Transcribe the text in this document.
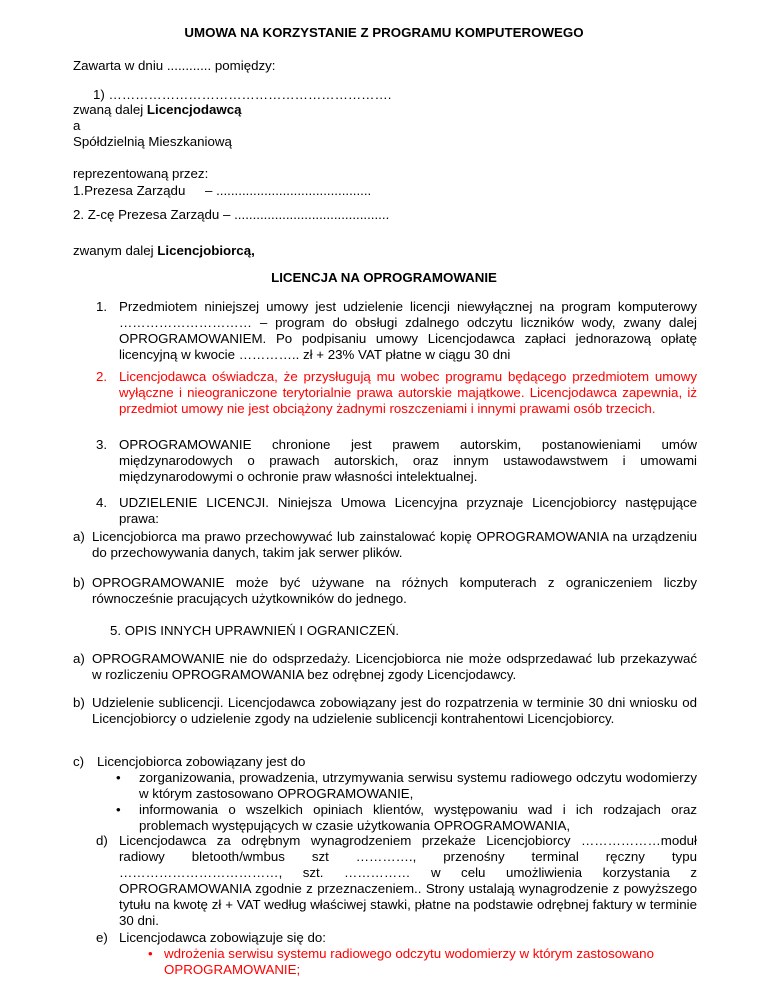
UMOWA NA KORZYSTANIE Z PROGRAMU KOMPUTEROWEGO
Zawarta w dniu ............ pomiędzy:
1) ……………………………………………………….
zwaną dalej Licencjodawcą
a
Spółdzielnią Mieszkaniową
reprezentowaną przez:
1.Prezesa Zarządu – ..........................................
2. Z-cę Prezesa Zarządu – ..........................................
zwanym dalej Licencjobiorcą,
LICENCJA NA OPROGRAMOWANIE
1. Przedmiotem niniejszej umowy jest udzielenie licencji niewyłącznej na program komputerowy ………………………… – program do obsługi zdalnego odczytu liczników wody, zwany dalej OPROGRAMOWANIEM. Po podpisaniu umowy Licencjodawca zapłaci jednorazową opłatę licencyjną w kwocie ………….. zł + 23% VAT płatne w ciągu 30 dni
2. Licencjodawca oświadcza, że przysługują mu wobec programu będącego przedmiotem umowy wyłączne i nieograniczone terytorialnie prawa autorskie majątkowe. Licencjodawca zapewnia, iż przedmiot umowy nie jest obciążony żadnymi roszczeniami i innymi prawami osób trzecich.
3. OPROGRAMOWANIE chronione jest prawem autorskim, postanowieniami umów międzynarodowych o prawach autorskich, oraz innym ustawodawstwem i umowami międzynarodowymi o ochronie praw własności intelektualnej.
4. UDZIELENIE LICENCJI. Niniejsza Umowa Licencyjna przyznaje Licencjobiorcy następujące prawa:
a) Licencjobiorca ma prawo przechowywać lub zainstalować kopię OPROGRAMOWANIA na urządzeniu do przechowywania danych, takim jak serwer plików.
b) OPROGRAMOWANIE może być używane na różnych komputerach z ograniczeniem liczby równocześnie pracujących użytkowników do jednego.
5. OPIS INNYCH UPRAWNIEŃ I OGRANICZEŃ.
a) OPROGRAMOWANIE nie do odsprzedaży. Licencjobiorca nie może odsprzedawać lub przekazywać w rozliczeniu OPROGRAMOWANIA bez odrębnej zgody Licencjodawcy.
b) Udzielenie sublicencji. Licencjodawca zobowiązany jest do rozpatrzenia w terminie 30 dni wniosku od Licencjobiorcy o udzielenie zgody na udzielenie sublicencji kontrahentowi Licencjobiorcy.
c) Licencjobiorca zobowiązany jest do
• zorganizowania, prowadzenia, utrzymywania serwisu systemu radiowego odczytu wodomierzy w którym zastosowano OPROGRAMOWANIE,
• informowania o wszelkich opiniach klientów, występowaniu wad i ich rodzajach oraz problemach występujących w czasie użytkowania OPROGRAMOWANIA,
d) Licencjodawca za odrębnym wynagrodzeniem przekaże Licencjobiorcy ………………moduł radiowy bletooth/wmbus szt …………., przenośny terminal ręczny typu ………………………………, szt. …………… w celu umożliwienia korzystania z OPROGRAMOWANIA zgodnie z przeznaczeniem.. Strony ustalają wynagrodzenie z powyższego tytułu na kwotę zł + VAT według właściwej stawki, płatne na podstawie odrębnej faktury w terminie 30 dni.
e) Licencjodawca zobowiązuje się do:
• wdrożenia serwisu systemu radiowego odczytu wodomierzy w którym zastosowano OPROGRAMOWANIE;
